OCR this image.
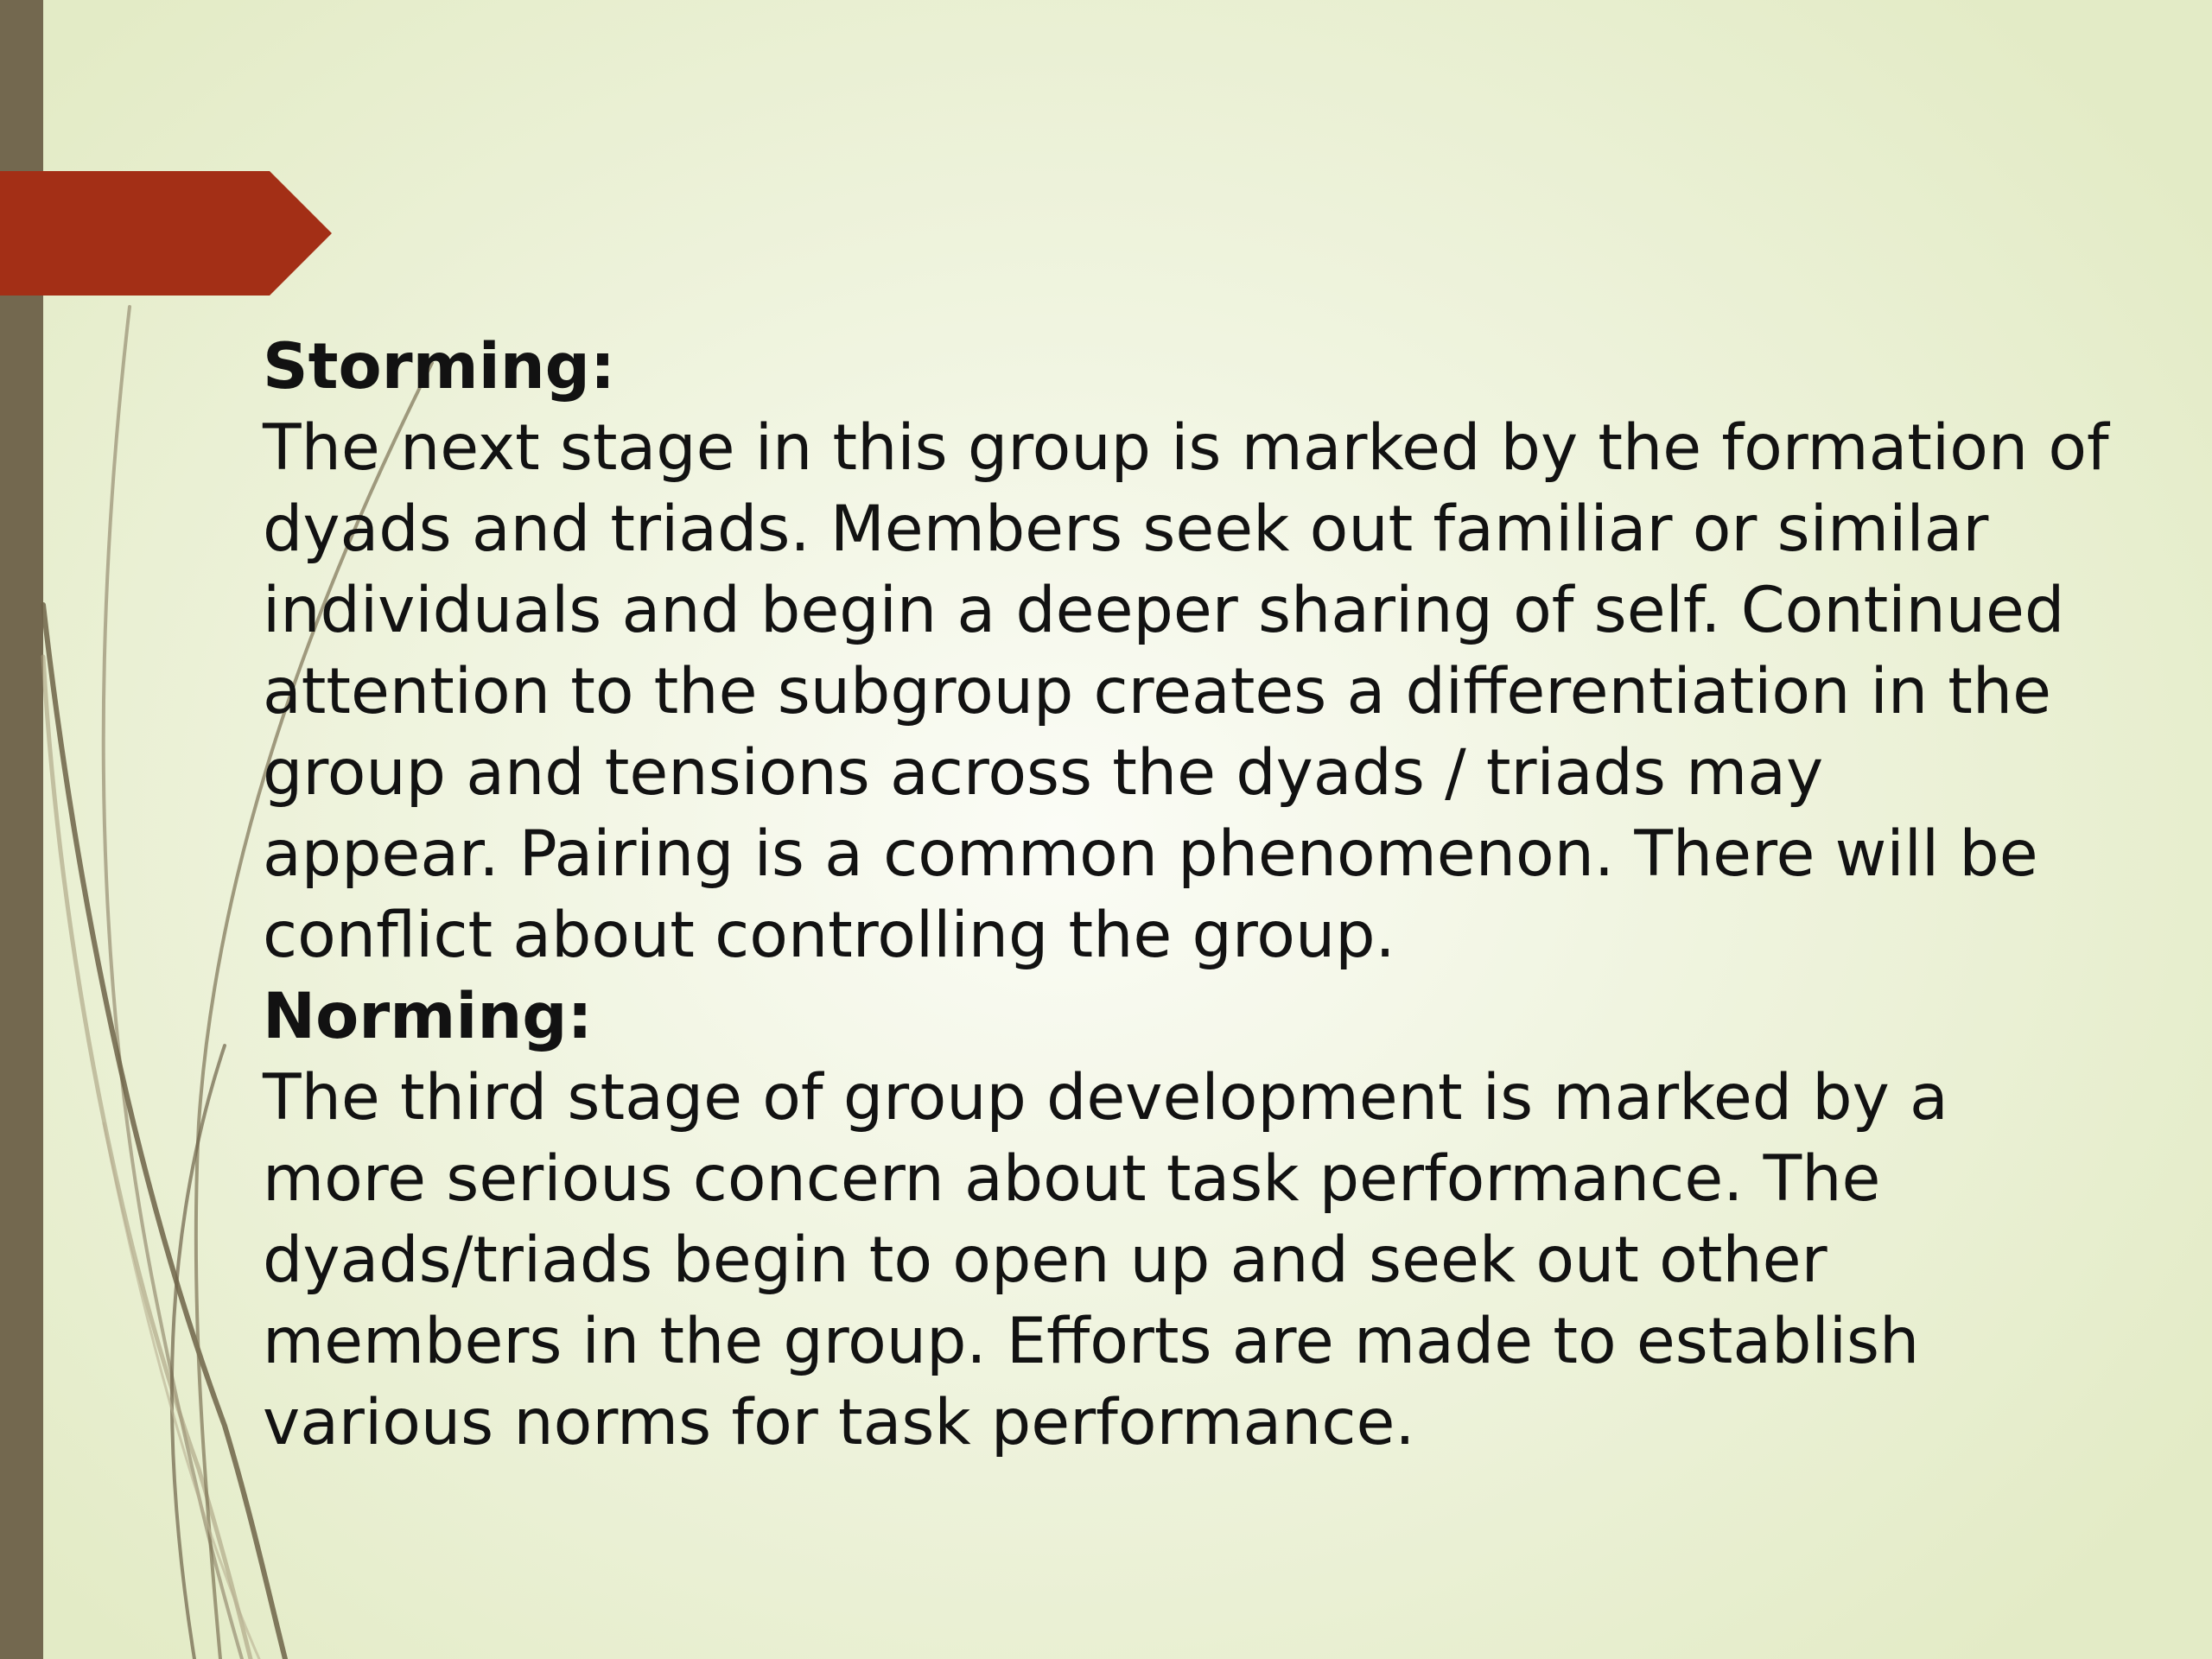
Storming:
The next stage in this group is marked by the formation of
dyads and triads. Members seek out familiar or similar
individuals and begin a deeper sharing of self. Continued
attention to the subgroup creates a differentiation in the
group and tensions across the dyads / triads may
appear. Pairing is a common phenomenon. There will be
conflict about controlling the group.
Norming:
The third stage of group development is marked by a
more serious concern about task performance. The
dyads/triads begin to open up and seek out other
members in the group. Efforts are made to establish
various norms for task performance.
